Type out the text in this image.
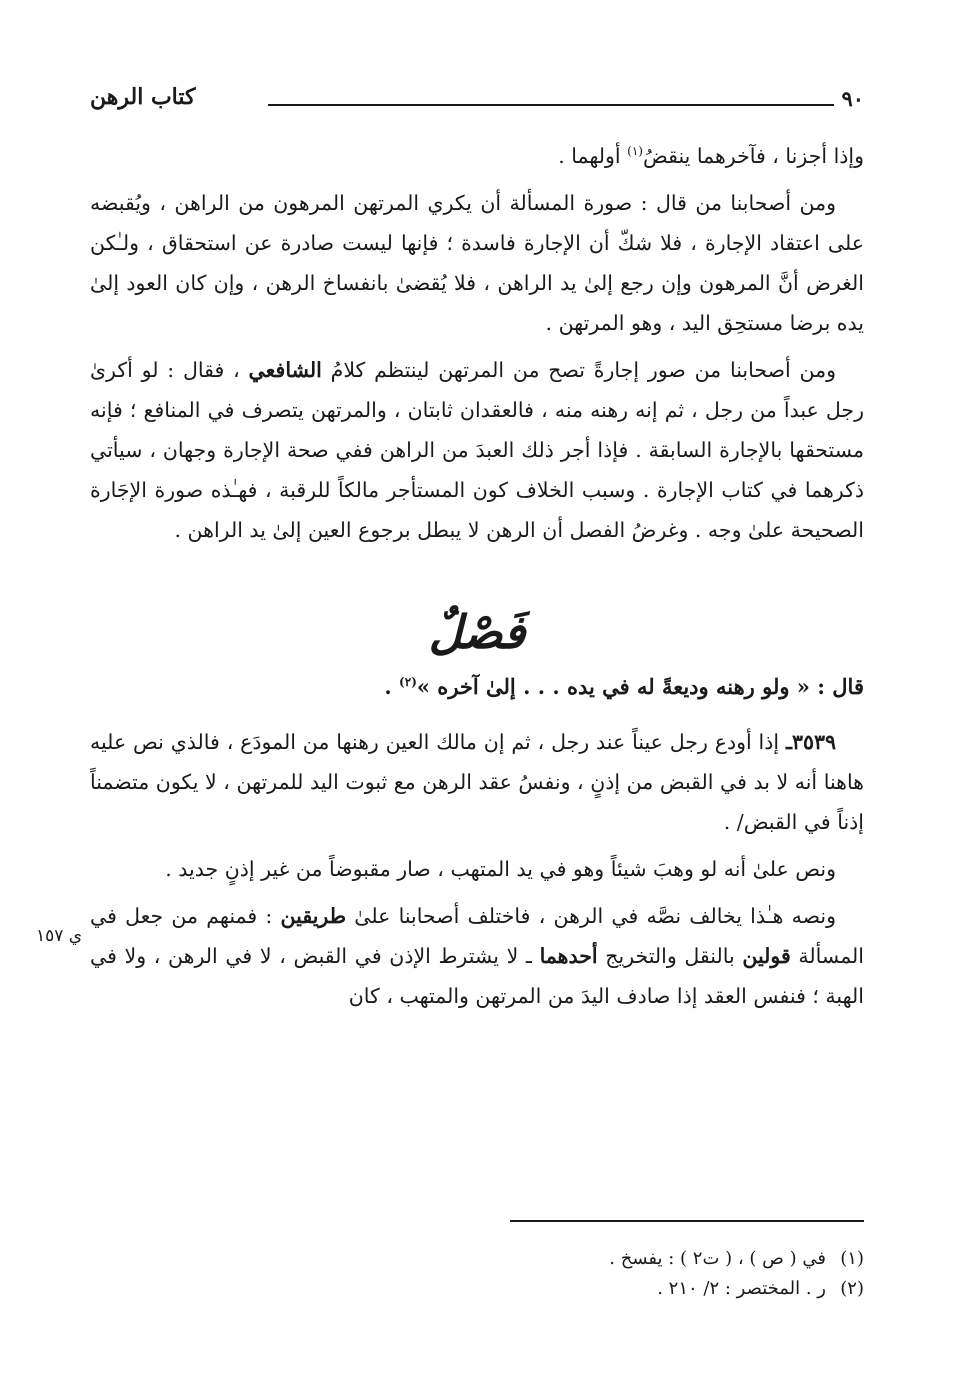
٩٠
كتاب الرهن

وإذا أجزنا ، فآخرهما ينقضُ$^{(١)}$ أولهما .

ومن أصحابنا من قال : صورة المسألة أن يكري المرتهن المرهون من الراهن ، ويُقبضه على اعتقاد الإجارة ، فلا شكّ أن الإجارة فاسدة ؛ فإنها ليست صادرة عن استحقاق ، ولـٰكن الغرض أنَّ المرهون وإن رجع إلىٰ يد الراهن ، فلا يُقضىٰ بانفساخ الرهن ، وإن كان العود إلىٰ يده برضا مستحِق اليد ، وهو المرتهن .

ومن أصحابنا من صور إجارةً تصح من المرتهن لينتظم كلامُ الشافعي ، فقال : لو أكرىٰ رجل عبداً من رجل ، ثم إنه رهنه منه ، فالعقدان ثابتان ، والمرتهن يتصرف في المنافع ؛ فإنه مستحقها بالإجارة السابقة . فإذا أجر ذلك العبدَ من الراهن ففي صحة الإجارة وجهان ، سيأتي ذكرهما في كتاب الإجارة . وسبب الخلاف كون المستأجر مالكاً للرقبة ، فهـٰذه صورة الإجَارة الصحيحة علىٰ وجه . وغرضُ الفصل أن الرهن لا يبطل برجوع العين إلىٰ يد الراهن .

فَصْلٌ

قال : « ولو رهنه وديعةً له في يده . . . إلىٰ آخره »$^{(٢)}$ .

٣٥٣٩ـ إذا أودع رجل عيناً عند رجل ، ثم إن مالك العين رهنها من المودَع ، فالذي نص عليه هاهنا أنه لا بد في القبض من إذنٍ ، ونفسُ عقد الرهن مع ثبوت اليد للمرتهن ، لا يكون متضمناً إذناً في القبض/ .

ونص علىٰ أنه لو وهبَ شيئاً وهو في يد المتهب ، صار مقبوضاً من غير إذنٍ جديد .

ونصه هـٰذا يخالف نصَّه في الرهن ، فاختلف أصحابنا علىٰ طريقين : فمنهم من جعل في المسألة قولين بالنقل والتخريج أحدهما ـ لا يشترط الإذن في القبض ، لا في الرهن ، ولا في الهبة ؛ فنفس العقد إذا صادف اليدَ من المرتهن والمتهب ، كان

ي ١٥٧

(١)في ( ص ) ، ( ت٢ ) : يفسخ .

(٢)ر . المختصر : ٢/ ٢١٠ .
